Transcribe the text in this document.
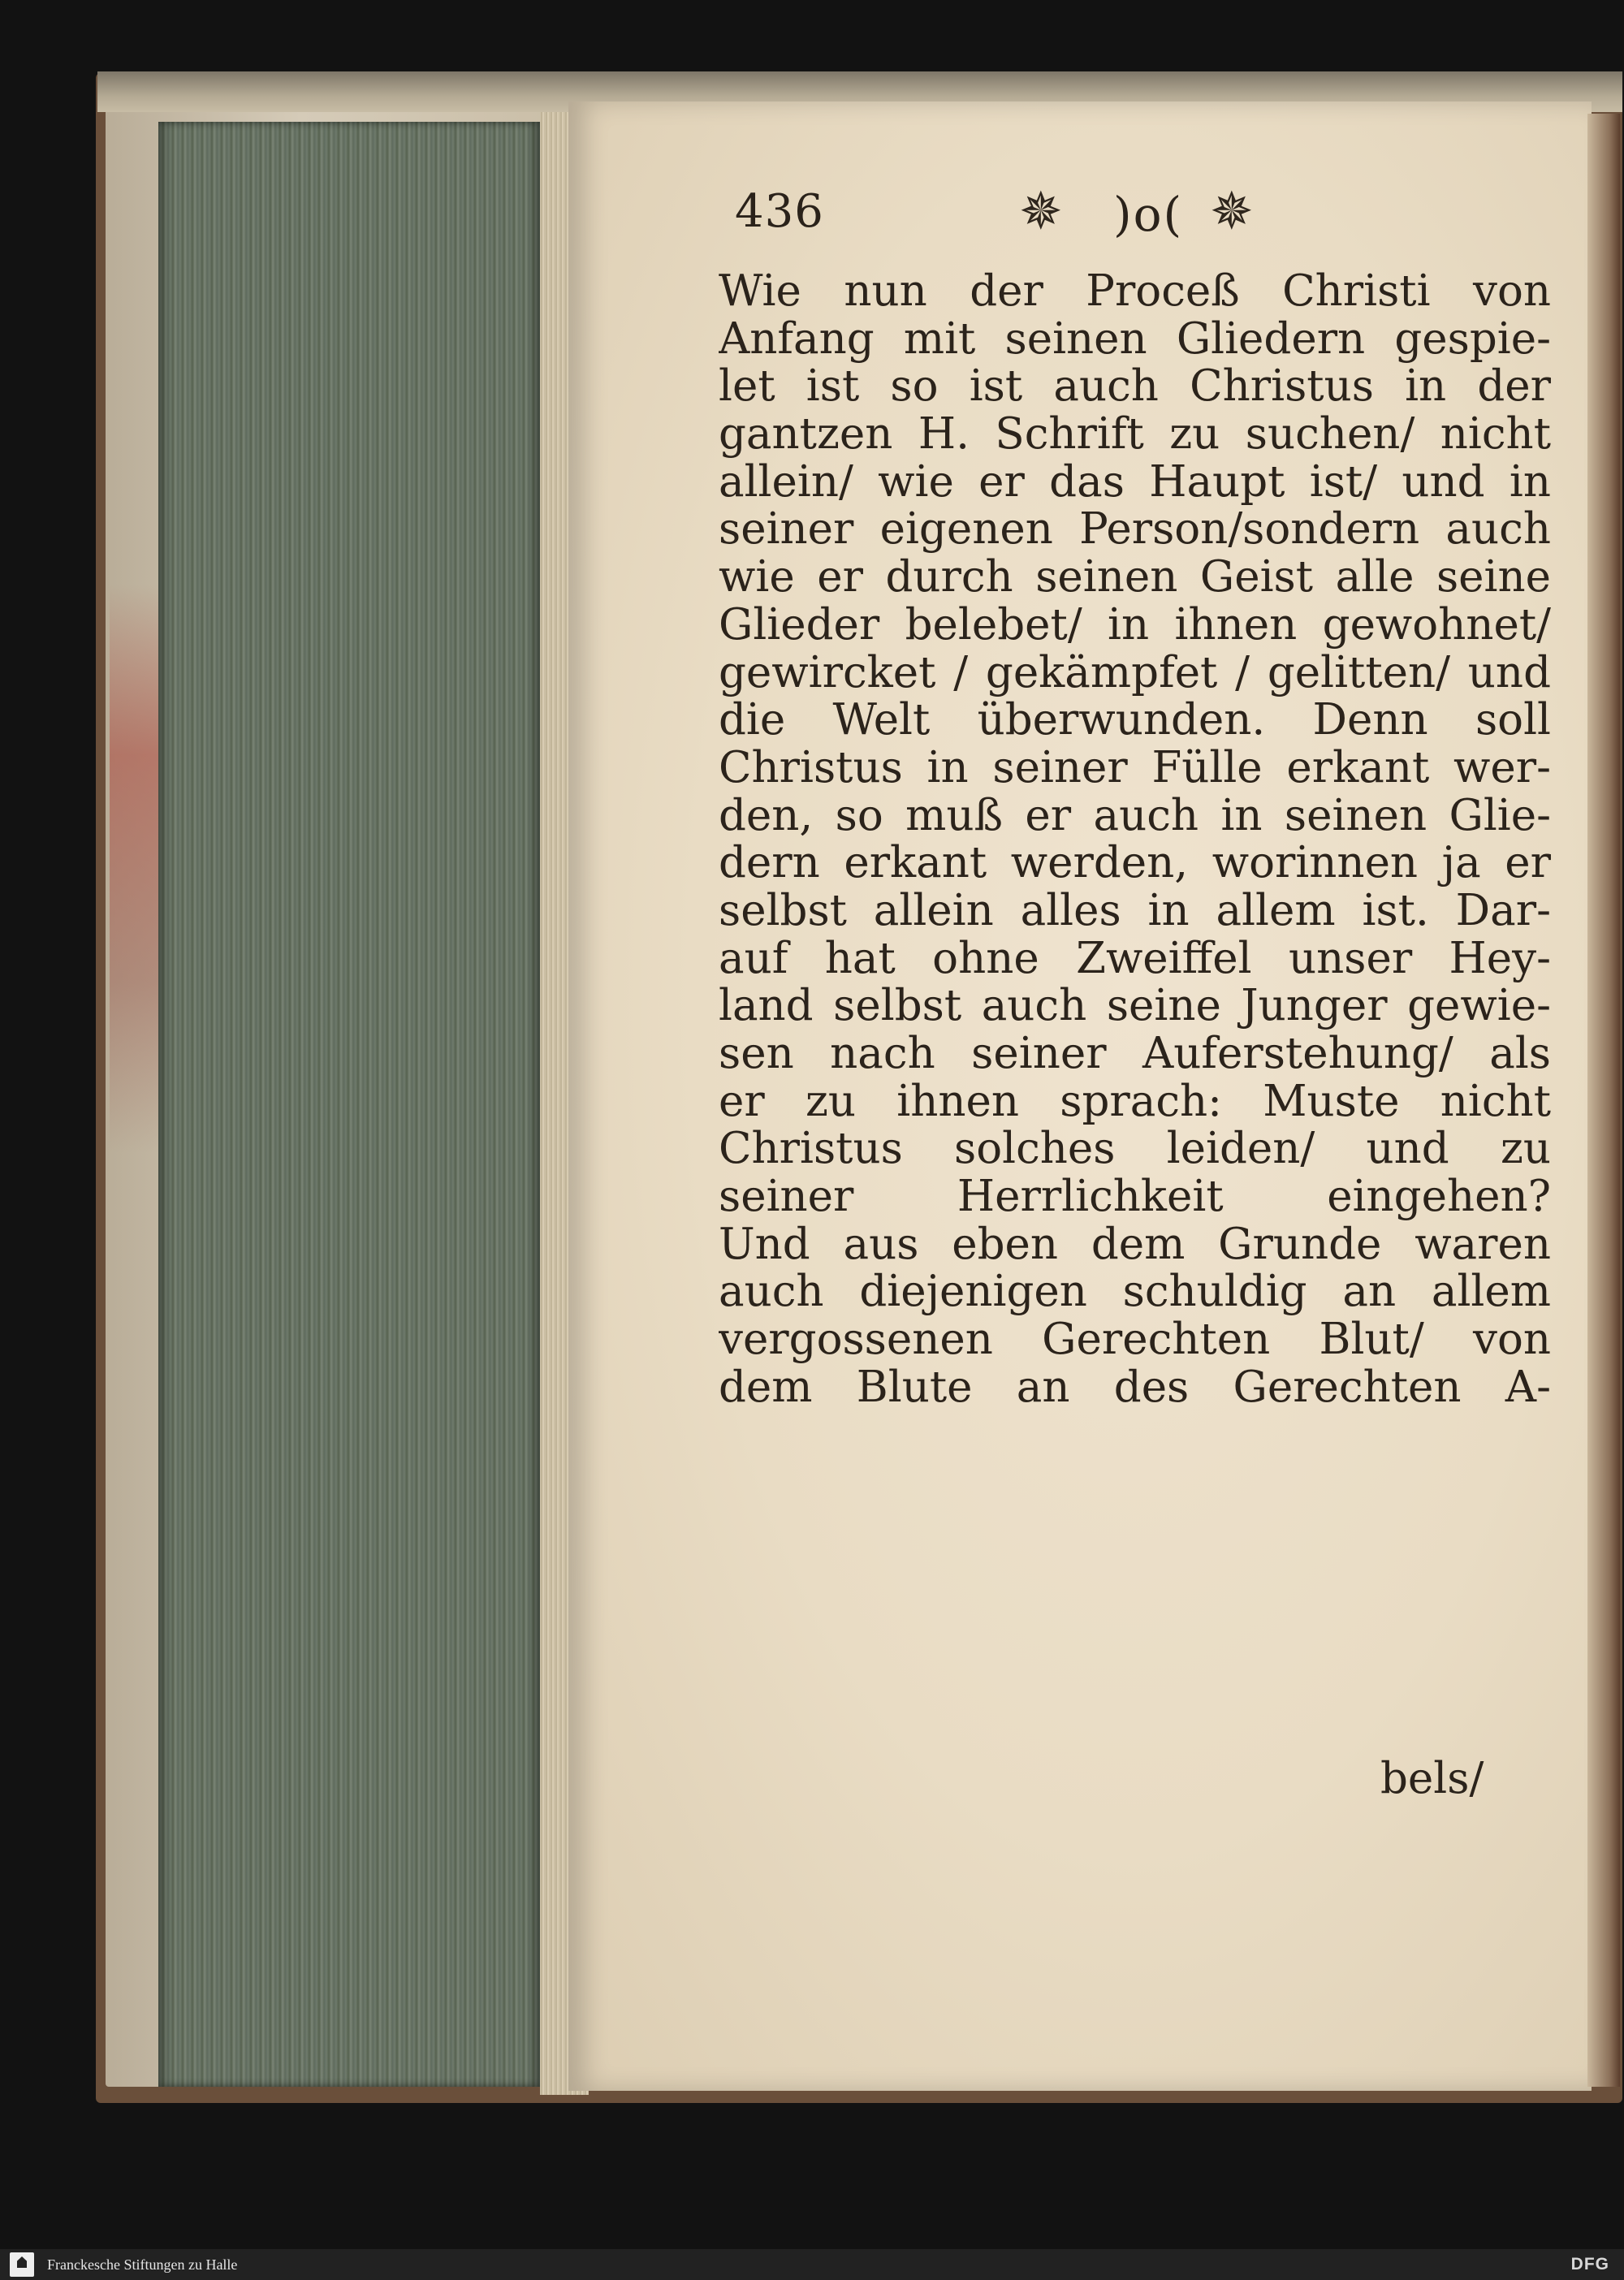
436	✵ )o( ✵
Wie nun der Proceß Christi von
Anfang mit seinen Gliedern gespie-
let ist so ist auch Christus in der
gantzen H. Schrift zu suchen/ nicht
allein/ wie er das Haupt ist/ und in
seiner eigenen Person/sondern auch
wie er durch seinen Geist alle seine
Glieder belebet/ in ihnen gewohnet/
gewircket / gekämpfet / gelitten/ und
die Welt überwunden. Denn soll
Christus in seiner Fülle erkant wer-
den, so muß er auch in seinen Glie-
dern erkant werden, worinnen ja er
selbst allein alles in allem ist. Dar-
auf hat ohne Zweiffel unser Hey-
land selbst auch seine Junger gewie-
sen nach seiner Auferstehung/ als
er zu ihnen sprach: Muste nicht
Christus solches leiden/ und zu
seiner Herrlichkeit eingehen?
Und aus eben dem Grunde waren
auch diejenigen schuldig an allem
vergossenen Gerechten Blut/ von
dem Blute an des Gerechten A-
bels/
Franckesche Stiftungen zu Halle	DFG
